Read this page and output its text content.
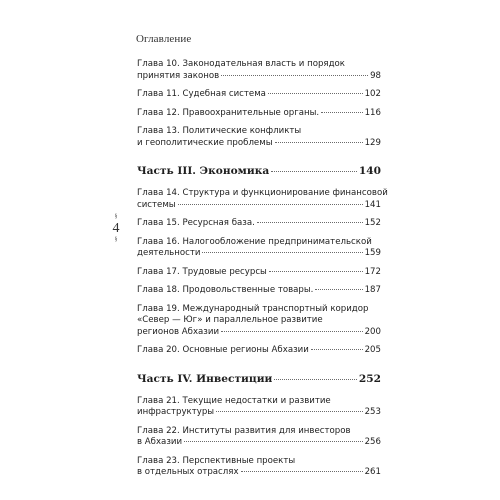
Оглавление
§
4
§
Глава 10. Законодательная власть и порядок
принятия законов	98
Глава 11. Судебная система	102
Глава 12. Правоохранительные органы.	116
Глава 13. Политические конфликты
и геополитические проблемы	129
Часть III. Экономика	140
Глава 14. Структура и функционирование финансовой
системы	141
Глава 15. Ресурсная база.	152
Глава 16. Налогообложение предпринимательской
деятельности	159
Глава 17. Трудовые ресурсы	172
Глава 18. Продовольственные товары.	187
Глава 19. Международный транспортный коридор
«Север — Юг» и параллельное развитие
регионов Абхазии	200
Глава 20. Основные регионы Абхазии	205
Часть IV. Инвестиции	252
Глава 21. Текущие недостатки и развитие
инфраструктуры	253
Глава 22. Институты развития для инвесторов
в Абхазии	256
Глава 23. Перспективные проекты
в отдельных отраслях	261
